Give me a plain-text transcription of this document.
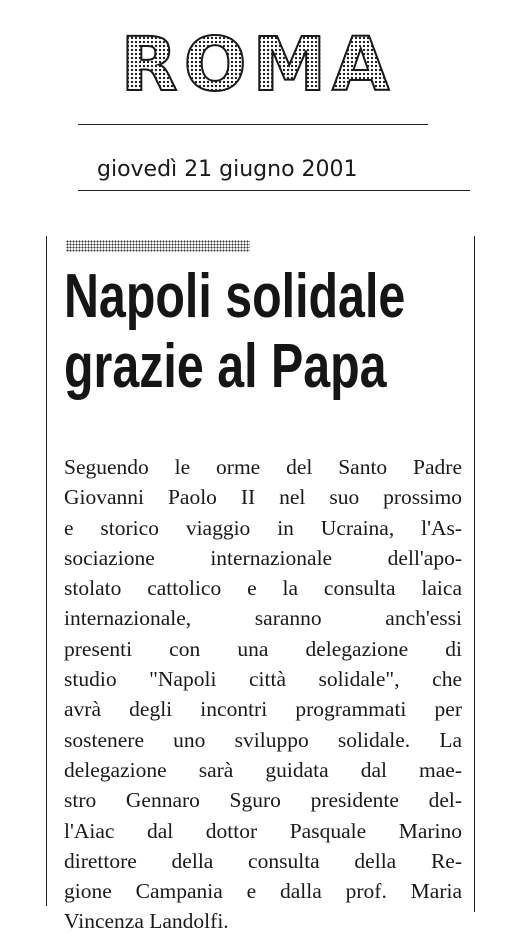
ROMA
giovedì 21 giugno 2001
Napoli solidale
grazie al Papa

Seguendo le orme del Santo Padre
Giovanni Paolo II nel suo prossimo
e storico viaggio in Ucraina, l'As-
sociazione internazionale dell'apo-
stolato cattolico e la consulta laica
internazionale, saranno anch'essi
presenti con una delegazione di
studio "Napoli città solidale", che
avrà degli incontri programmati per
sostenere uno sviluppo solidale. La
delegazione sarà guidata dal mae-
stro Gennaro Sguro presidente del-
l'Aiac dal dottor Pasquale Marino
direttore della consulta della Re-
gione Campania e dalla prof. Maria
Vincenza Landolfi.
